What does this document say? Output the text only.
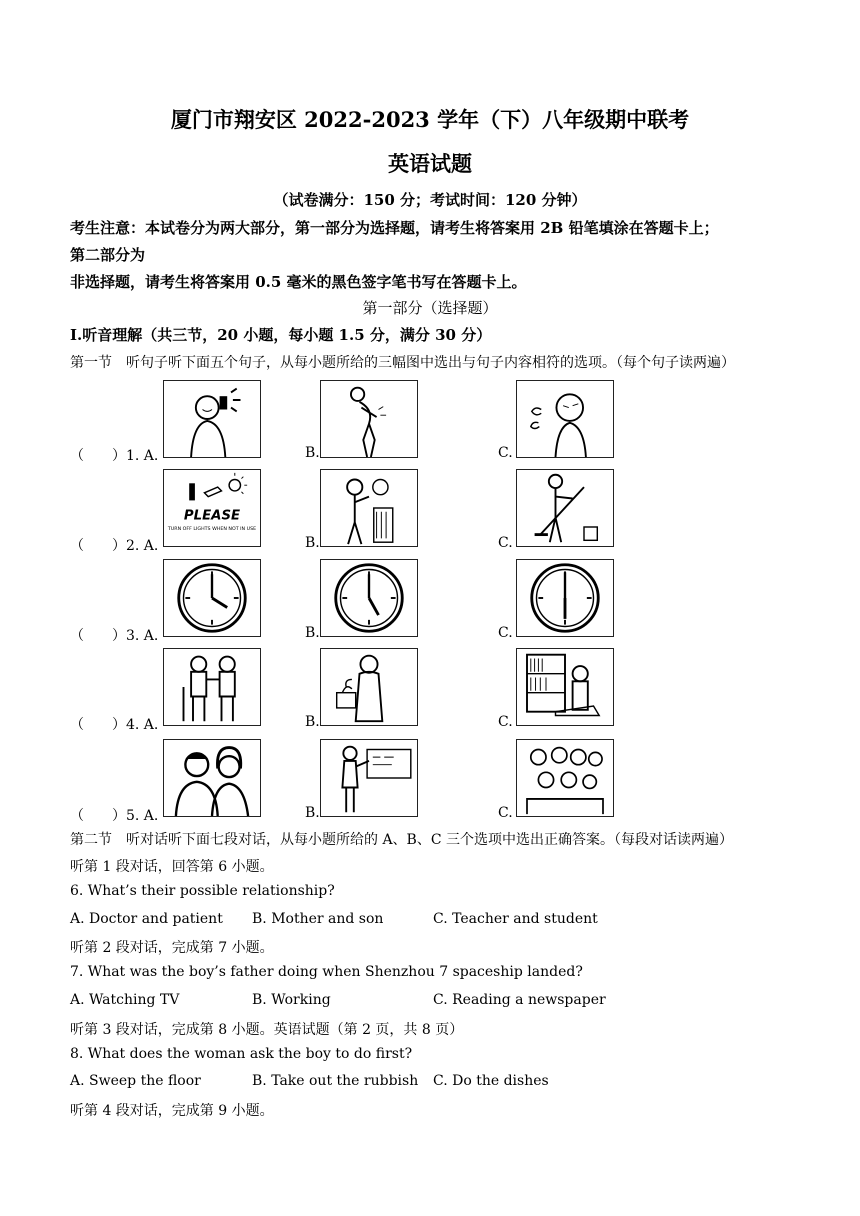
厦门市翔安区 2022-2023 学年（下）八年级期中联考
英语试题
（试卷满分：150 分；考试时间：120 分钟）
考生注意：本试卷分为两大部分，第一部分为选择题，请考生将答案用 2B 铅笔填涂在答题卡上；
第二部分为
非选择题，请考生将答案用 0.5 毫米的黑色签字笔书写在答题卡上。
第一部分（选择题）
I.听音理解（共三节，20 小题，每小题 1.5 分，满分 30 分）
第一节　听句子听下面五个句子，从每小题所给的三幅图中选出与句子内容相符的选项。（每个句子读两遍）
（　　）1. A.	B.	C.
（　　）2. A.
PLEASE
TURN OFF LIGHTS WHEN NOT IN USE
B.	C.
（　　）3. A.	B.	C.
（　　）4. A.	B.	C.
（　　）5. A.	B.	C.
第二节　听对话听下面七段对话，从每小题所给的 A、B、C 三个选项中选出正确答案。（每段对话读两遍）
听第 1 段对话，回答第 6 小题。
6. What’s their possible relationship?
A. Doctor and patient B. Mother and son	C. Teacher and student
听第 2 段对话，完成第 7 小题。
7. What was the boy’s father doing when Shenzhou 7 spaceship landed?
A. Watching TV	B. Working	C. Reading a newspaper
听第 3 段对话，完成第 8 小题。英语试题（第 2 页，共 8 页）
8. What does the woman ask the boy to do first?
A. Sweep the floor	B. Take out the rubbish C. Do the dishes
听第 4 段对话，完成第 9 小题。
